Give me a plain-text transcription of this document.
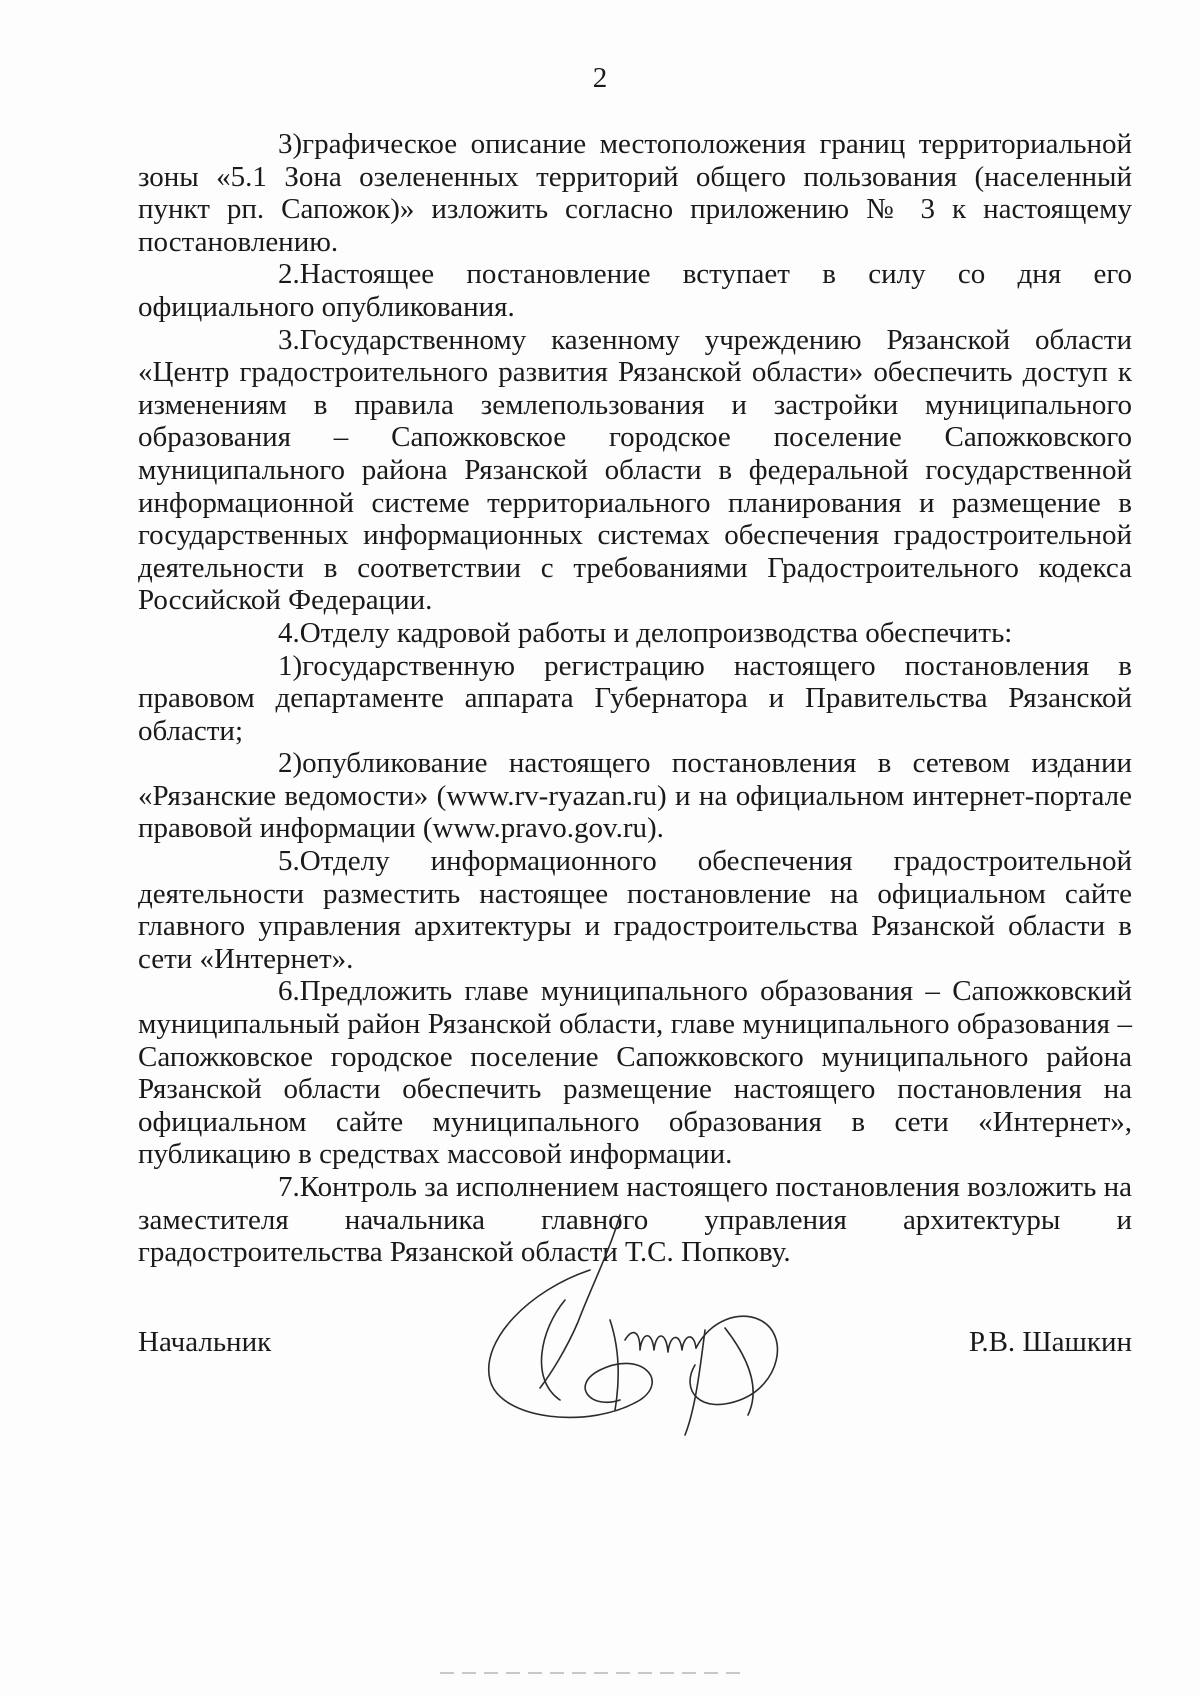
2

3)графическое описание местоположения границ территориальной зоны «5.1 Зона озелененных территорий общего пользования (населенный пункт рп. Сапожок)» изложить согласно приложению № 3 к настоящему постановлению.

2.Настоящее постановление вступает в силу со дня его официального опубликования.

3.Государственному казенному учреждению Рязанской области «Центр градостроительного развития Рязанской области» обеспечить доступ к изменениям в правила землепользования и застройки муниципального образования – Сапожковское городское поселение Сапожковского муниципального района Рязанской области в федеральной государственной информационной системе территориального планирования и размещение в государственных информационных системах обеспечения градостроительной деятельности в соответствии с требованиями Градостроительного кодекса Российской Федерации.

4.Отделу кадровой работы и делопроизводства обеспечить:

1)государственную регистрацию настоящего постановления в правовом департаменте аппарата Губернатора и Правительства Рязанской области;

2)опубликование настоящего постановления в сетевом издании «Рязанские ведомости» (www.rv-ryazan.ru) и на официальном интернет-портале правовой информации (www.pravo.gov.ru).

5.Отделу информационного обеспечения градостроительной деятельности разместить настоящее постановление на официальном сайте главного управления архитектуры и градостроительства Рязанской области в сети «Интернет».

6.Предложить главе муниципального образования – Сапожковский муниципальный район Рязанской области, главе муниципального образования – Сапожковское городское поселение Сапожковского муниципального района Рязанской области обеспечить размещение настоящего постановления на официальном сайте муниципального образования в сети «Интернет», публикацию в средствах массовой информации.

7.Контроль за исполнением настоящего постановления возложить на заместителя начальника главного управления архитектуры и градостроительства Рязанской области Т.С. Попкову.

Начальник	Р.В. Шашкин
